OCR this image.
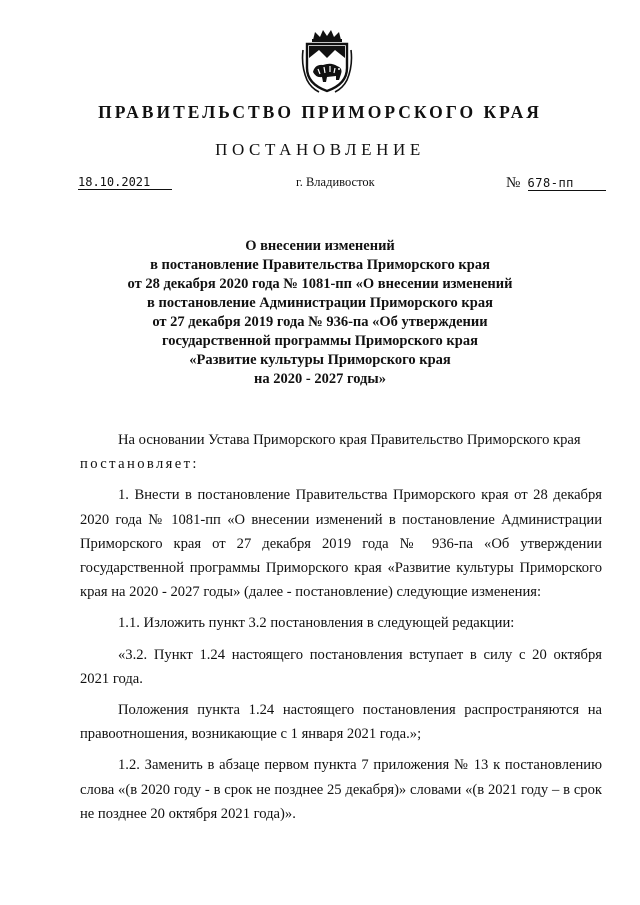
ПРАВИТЕЛЬСТВО ПРИМОРСКОГО КРАЯ
ПОСТАНОВЛЕНИЕ
18.10.2021	г. Владивосток	№ 678-пп
О внесении изменений
в постановление Правительства Приморского края
от 28 декабря 2020 года № 1081-пп «О внесении изменений
в постановление Администрации Приморского края
от 27 декабря 2019 года № 936-па «Об утверждении
государственной программы Приморского края
«Развитие культуры Приморского края
на 2020 - 2027 годы»

На основании Устава Приморского края Правительство Приморского края

постановляет:

1. Внести в постановление Правительства Приморского края от 28 декабря 2020 года № 1081-пп «О внесении изменений в постановление Администрации Приморского края от 27 декабря 2019 года № 936-па «Об утверждении государственной программы Приморского края «Развитие культуры Приморского края на 2020 - 2027 годы» (далее - постановление) следующие изменения:

1.1. Изложить пункт 3.2 постановления в следующей редакции:

«3.2. Пункт 1.24 настоящего постановления вступает в силу с 20 октября 2021 года.

Положения пункта 1.24 настоящего постановления распространяются на правоотношения, возникающие с 1 января 2021 года.»;

1.2. Заменить в абзаце первом пункта 7 приложения № 13 к постановлению слова «(в 2020 году - в срок не позднее 25 декабря)» словами «(в 2021 году – в срок не позднее 20 октября 2021 года)».
